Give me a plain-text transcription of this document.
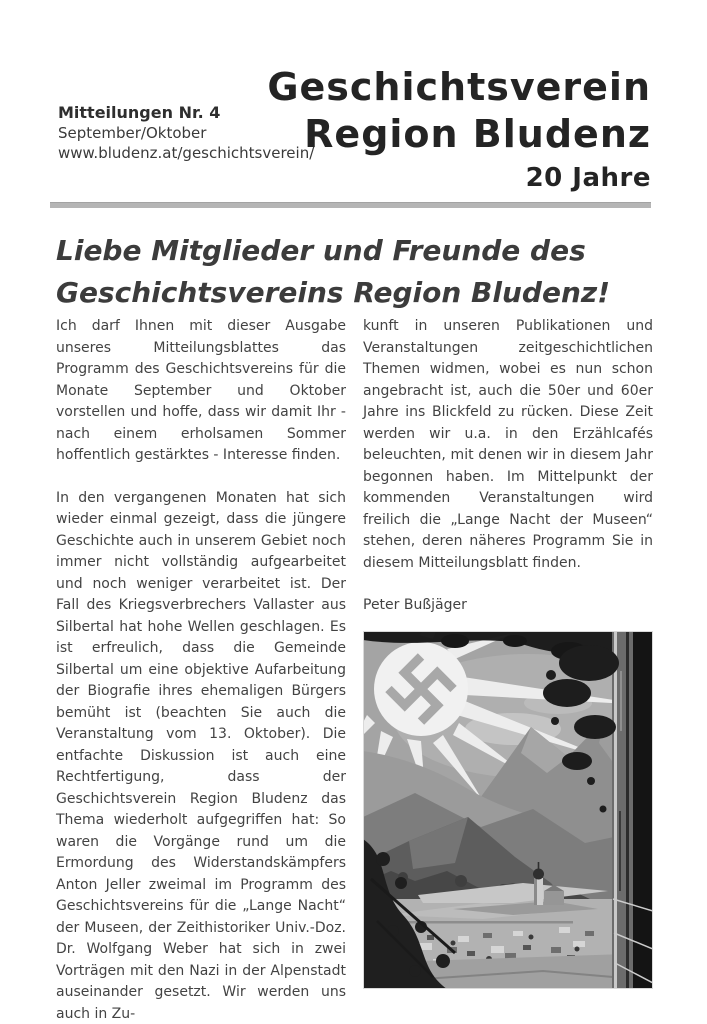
Mitteilungen Nr. 4
September/Oktober
www.bludenz.at/geschichtsverein/
Geschichtsverein
Region Bludenz
20 Jahre
Liebe Mitglieder und Freunde des
Geschichtsvereins Region Bludenz!

Ich darf Ihnen mit dieser Ausgabe unseres Mitteilungsblattes das Programm des Geschichtsvereins für die Monate September und Oktober vorstellen und hoffe, dass wir damit Ihr - nach einem erholsamen Sommer hoffentlich gestärktes - Interesse finden.

In den vergangenen Monaten hat sich wieder einmal gezeigt, dass die jüngere Geschichte auch in unserem Gebiet noch immer nicht vollständig aufgearbeitet und noch weniger verarbeitet ist. Der Fall des Kriegsverbrechers Vallaster aus Silbertal hat hohe Wellen geschlagen. Es ist erfreulich, dass die Gemeinde Silbertal um eine objektive Aufarbeitung der Biografie ihres ehemaligen Bürgers bemüht ist (beachten Sie auch die Veranstaltung vom 13. Oktober). Die entfachte Diskussion ist auch eine Rechtfertigung, dass der Geschichtsverein Region Bludenz das Thema wiederholt aufgegriffen hat: So waren die Vorgänge rund um die Ermordung des Widerstandskämpfers Anton Jeller zweimal im Programm des Geschichtsvereins für die „Lange Nacht“ der Museen, der Zeithistoriker Univ.-Doz. Dr. Wolfgang Weber hat sich in zwei Vorträgen mit den Nazi in der Alpenstadt auseinander gesetzt. Wir werden uns auch in Zu-

kunft in unseren Publikationen und Veranstaltungen zeitgeschichtlichen Themen widmen, wobei es nun schon angebracht ist, auch die 50er und 60er Jahre ins Blickfeld zu rücken. Diese Zeit werden wir u.a. in den Erzählcafés beleuchten, mit denen wir in diesem Jahr begonnen haben. Im Mittelpunkt der kommenden Veranstaltungen wird freilich die „Lange Nacht der Museen“ stehen, deren näheres Programm Sie in diesem Mitteilungsblatt finden.

Peter Bußjäger
